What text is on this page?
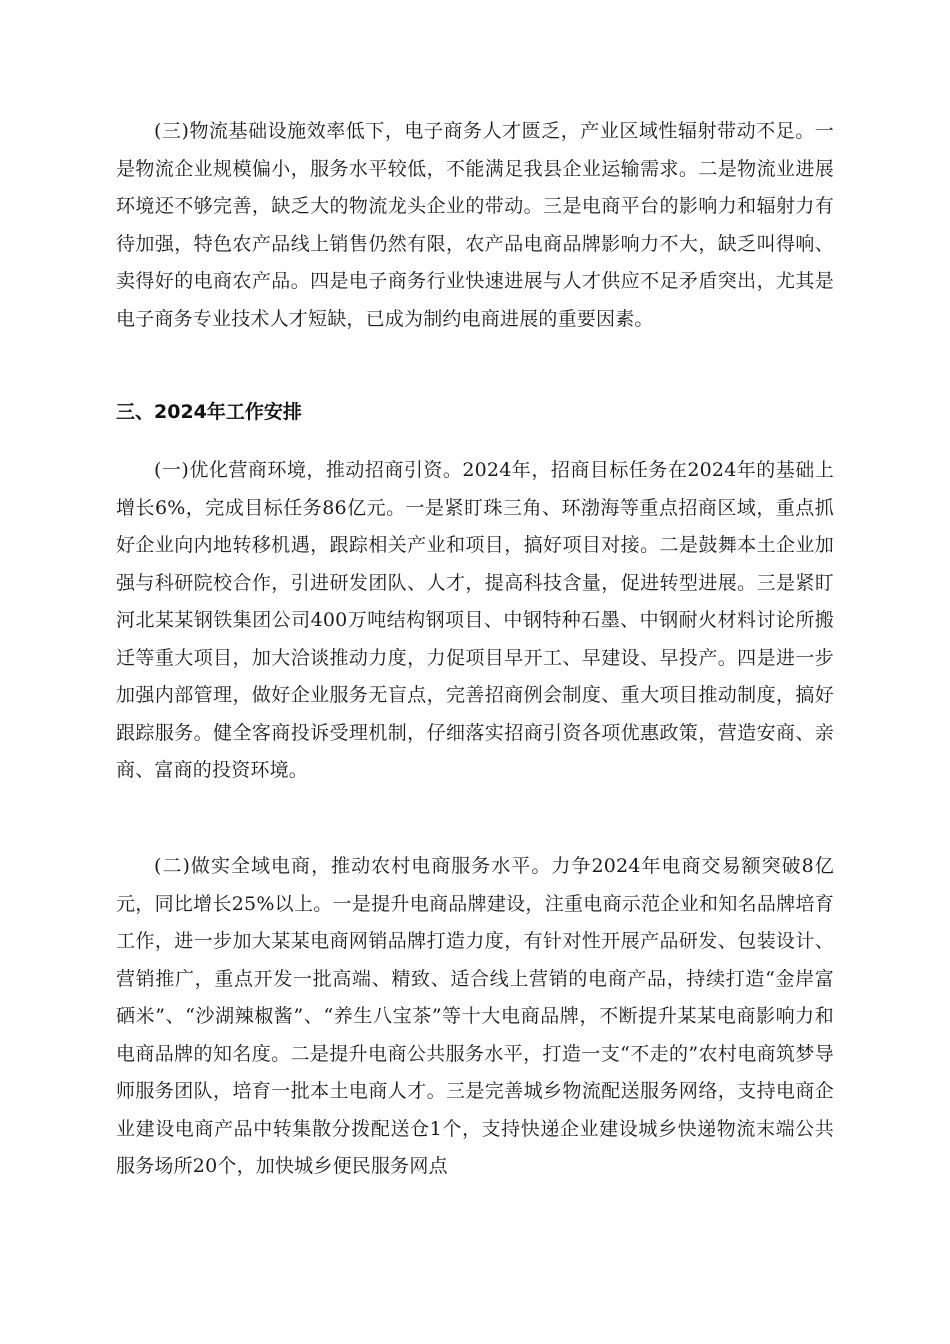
(三)物流基础设施效率低下，电子商务人才匮乏，产业区域性辐射带动不足。一是物流企业规模偏小，服务水平较低，不能满足我县企业运输需求。二是物流业进展环境还不够完善，缺乏大的物流龙头企业的带动。三是电商平台的影响力和辐射力有待加强，特色农产品线上销售仍然有限，农产品电商品牌影响力不大，缺乏叫得响、卖得好的电商农产品。四是电子商务行业快速进展与人才供应不足矛盾突出，尤其是电子商务专业技术人才短缺，已成为制约电商进展的重要因素。

三、2024年工作安排

(一)优化营商环境，推动招商引资。2024年，招商目标任务在2024年的基础上增长6%，完成目标任务86亿元。一是紧盯珠三角、环渤海等重点招商区域，重点抓好企业向内地转移机遇，跟踪相关产业和项目，搞好项目对接。二是鼓舞本土企业加强与科研院校合作，引进研发团队、人才，提高科技含量，促进转型进展。三是紧盯河北某某钢铁集团公司400万吨结构钢项目、中钢特种石墨、中钢耐火材料讨论所搬迁等重大项目，加大洽谈推动力度，力促项目早开工、早建设、早投产。四是进一步加强内部管理，做好企业服务无盲点，完善招商例会制度、重大项目推动制度，搞好跟踪服务。健全客商投诉受理机制，仔细落实招商引资各项优惠政策，营造安商、亲商、富商的投资环境。

(二)做实全域电商，推动农村电商服务水平。力争2024年电商交易额突破8亿元，同比增长25%以上。一是提升电商品牌建设，注重电商示范企业和知名品牌培育工作，进一步加大某某电商网销品牌打造力度，有针对性开展产品研发、包装设计、营销推广，重点开发一批高端、精致、适合线上营销的电商产品，持续打造“金岸富硒米”、“沙湖辣椒酱”、“养生八宝茶”等十大电商品牌，不断提升某某电商影响力和电商品牌的知名度。二是提升电商公共服务水平，打造一支“不走的”农村电商筑梦导师服务团队，培育一批本土电商人才。三是完善城乡物流配送服务网络，支持电商企业建设电商产品中转集散分拨配送仓1个，支持快递企业建设城乡快递物流末端公共服务场所20个，加快城乡便民服务网点
